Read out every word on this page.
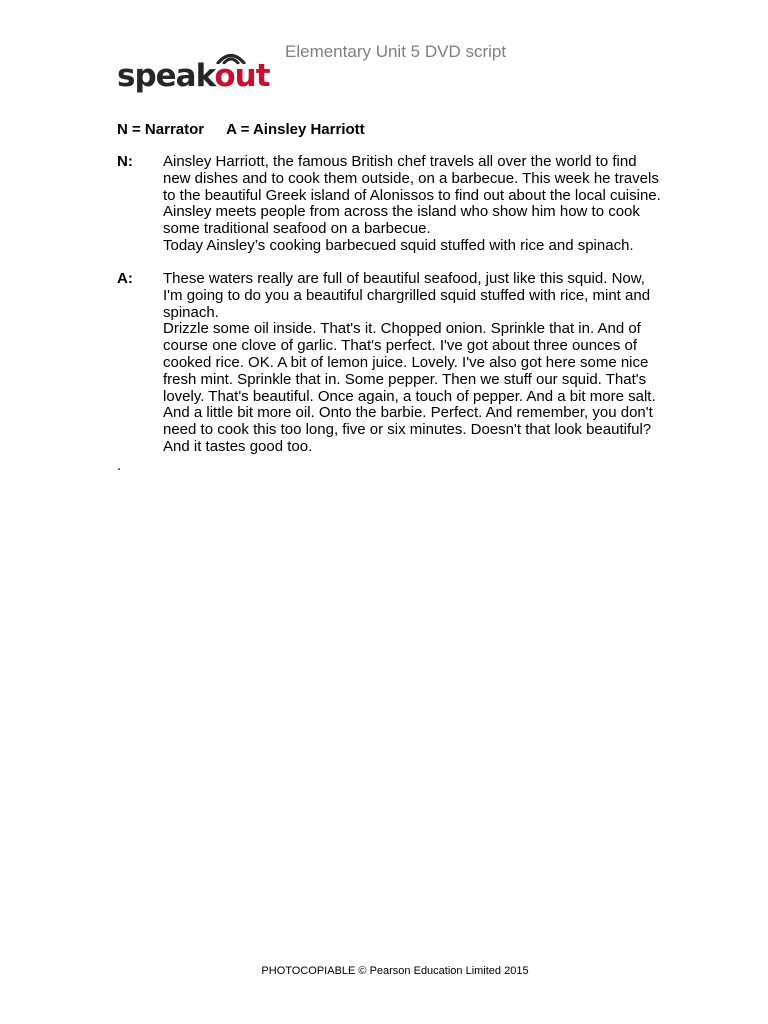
speakout
Elementary Unit 5 DVD script
N = Narrator A = Ainsley Harriott
N: Ainsley Harriott, the famous British chef travels all over the world to find new dishes and to cook them outside, on a barbecue. This week he travels to the beautiful Greek island of Alonissos to find out about the local cuisine. Ainsley meets people from across the island who show him how to cook some traditional seafood on a barbecue.

Today Ainsley’s cooking barbecued squid stuffed with rice and spinach.

A: These waters really are full of beautiful seafood, just like this squid. Now, I'm going to do you a beautiful chargrilled squid stuffed with rice, mint and spinach.

Drizzle some oil inside. That's it. Chopped onion. Sprinkle that in. And of course one clove of garlic. That's perfect. I've got about three ounces of cooked rice. OK. A bit of lemon juice. Lovely. I've also got here some nice fresh mint. Sprinkle that in. Some pepper. Then we stuff our squid. That's lovely. That's beautiful. Once again, a touch of pepper. And a bit more salt. And a little bit more oil. Onto the barbie. Perfect. And remember, you don't need to cook this too long, five or six minutes. Doesn't that look beautiful? And it tastes good too.

.
PHOTOCOPIABLE © Pearson Education Limited 2015
